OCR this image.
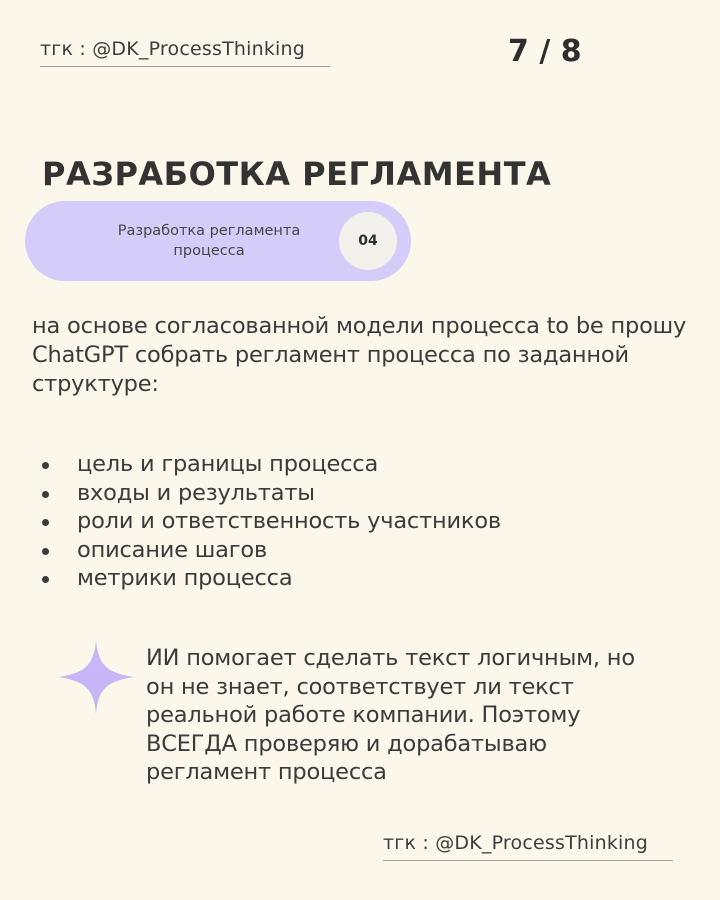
тгк : @DK_ProcessThinking	7 / 8
РАЗРАБОТКА РЕГЛАМЕНТА
Разработка регламента процесса
04
на основе согласованной модели процесса to be прошу ChatGPT собрать регламент процесса по заданной структуре:
цель и границы процесса
входы и результаты
роли и ответственность участников
описание шагов
метрики процесса
ИИ помогает сделать текст логичным, но он не знает, соответствует ли текст реальной работе компании. Поэтому ВСЕГДА проверяю и дорабатываю регламент процесса
тгк : @DK_ProcessThinking
